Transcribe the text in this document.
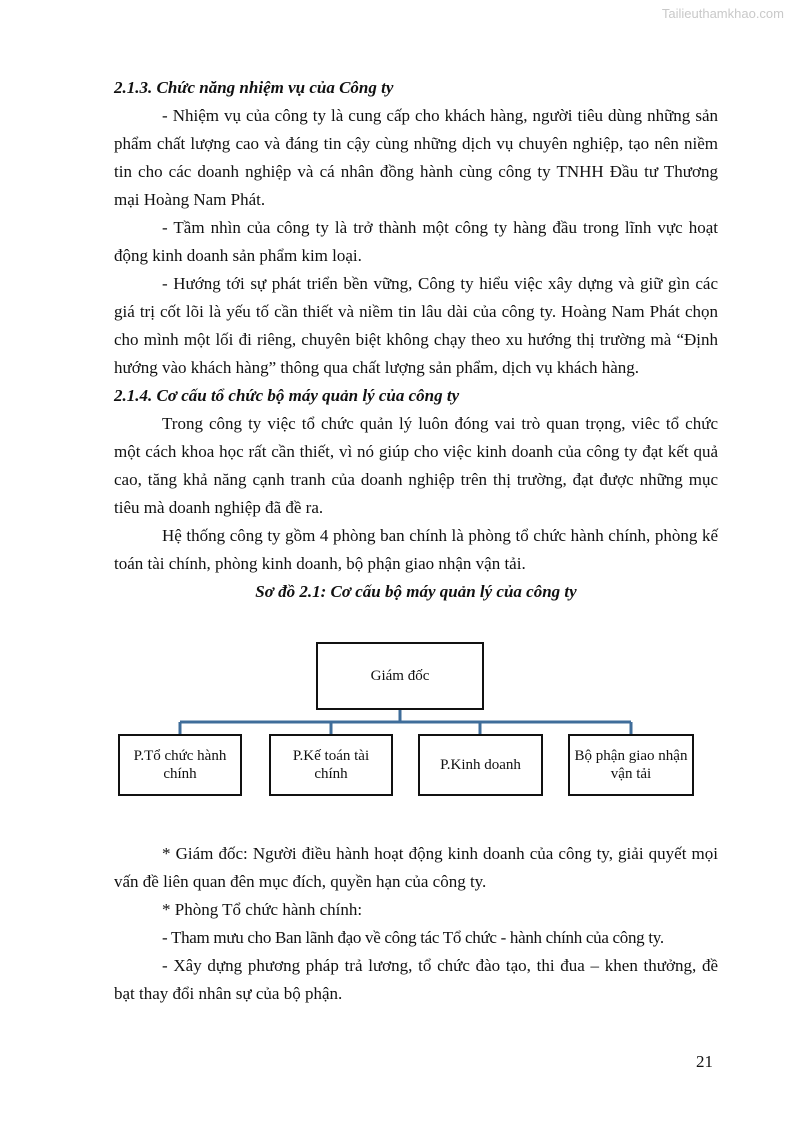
Tailieuthamkhao.com

2.1.3. Chức năng nhiệm vụ của Công ty

- Nhiệm vụ của công ty là cung cấp cho khách hàng, người tiêu dùng những sản phẩm chất lượng cao và đáng tin cậy cùng những dịch vụ chuyên nghiệp, tạo nên niềm tin cho các doanh nghiệp và cá nhân đồng hành cùng công ty TNHH Đầu tư Thương mại Hoàng Nam Phát.

- Tầm nhìn của công ty là trở thành một công ty hàng đầu trong lĩnh vực hoạt động kinh doanh sản phẩm kim loại.

- Hướng tới sự phát triển bền vững, Công ty hiểu việc xây dựng và giữ gìn các giá trị cốt lõi là yếu tố cần thiết và niềm tin lâu dài của công ty. Hoàng Nam Phát chọn cho mình một lối đi riêng, chuyên biệt không chạy theo xu hướng thị trường mà “Định hướng vào khách hàng” thông qua chất lượng sản phẩm, dịch vụ khách hàng.

2.1.4. Cơ cấu tổ chức bộ máy quản lý của công ty

Trong công ty việc tổ chức quản lý luôn đóng vai trò quan trọng, viêc tổ chức một cách khoa học rất cần thiết, vì nó giúp cho việc kinh doanh của công ty đạt kết quả cao, tăng khả năng cạnh tranh của doanh nghiệp trên thị trường, đạt được những mục tiêu mà doanh nghiệp đã đề ra.

Hệ thống công ty gồm 4 phòng ban chính là phòng tổ chức hành chính, phòng kế toán tài chính, phòng kinh doanh, bộ phận giao nhận vận tải.

Sơ đồ 2.1: Cơ cấu bộ máy quản lý của công ty

Giám đốc
P.Tổ chức hành chính
P.Kế toán tài chính
P.Kinh doanh
Bộ phận giao nhận vận tải

* Giám đốc: Người điều hành hoạt động kinh doanh của công ty, giải quyết mọi vấn đề liên quan đên mục đích, quyền hạn của công ty.

* Phòng Tổ chức hành chính:

- Tham mưu cho Ban lãnh đạo về công tác Tổ chức - hành chính của công ty.

- Xây dựng phương pháp trả lương, tổ chức đào tạo, thi đua – khen thưởng, đề bạt thay đổi nhân sự của bộ phận.

21
